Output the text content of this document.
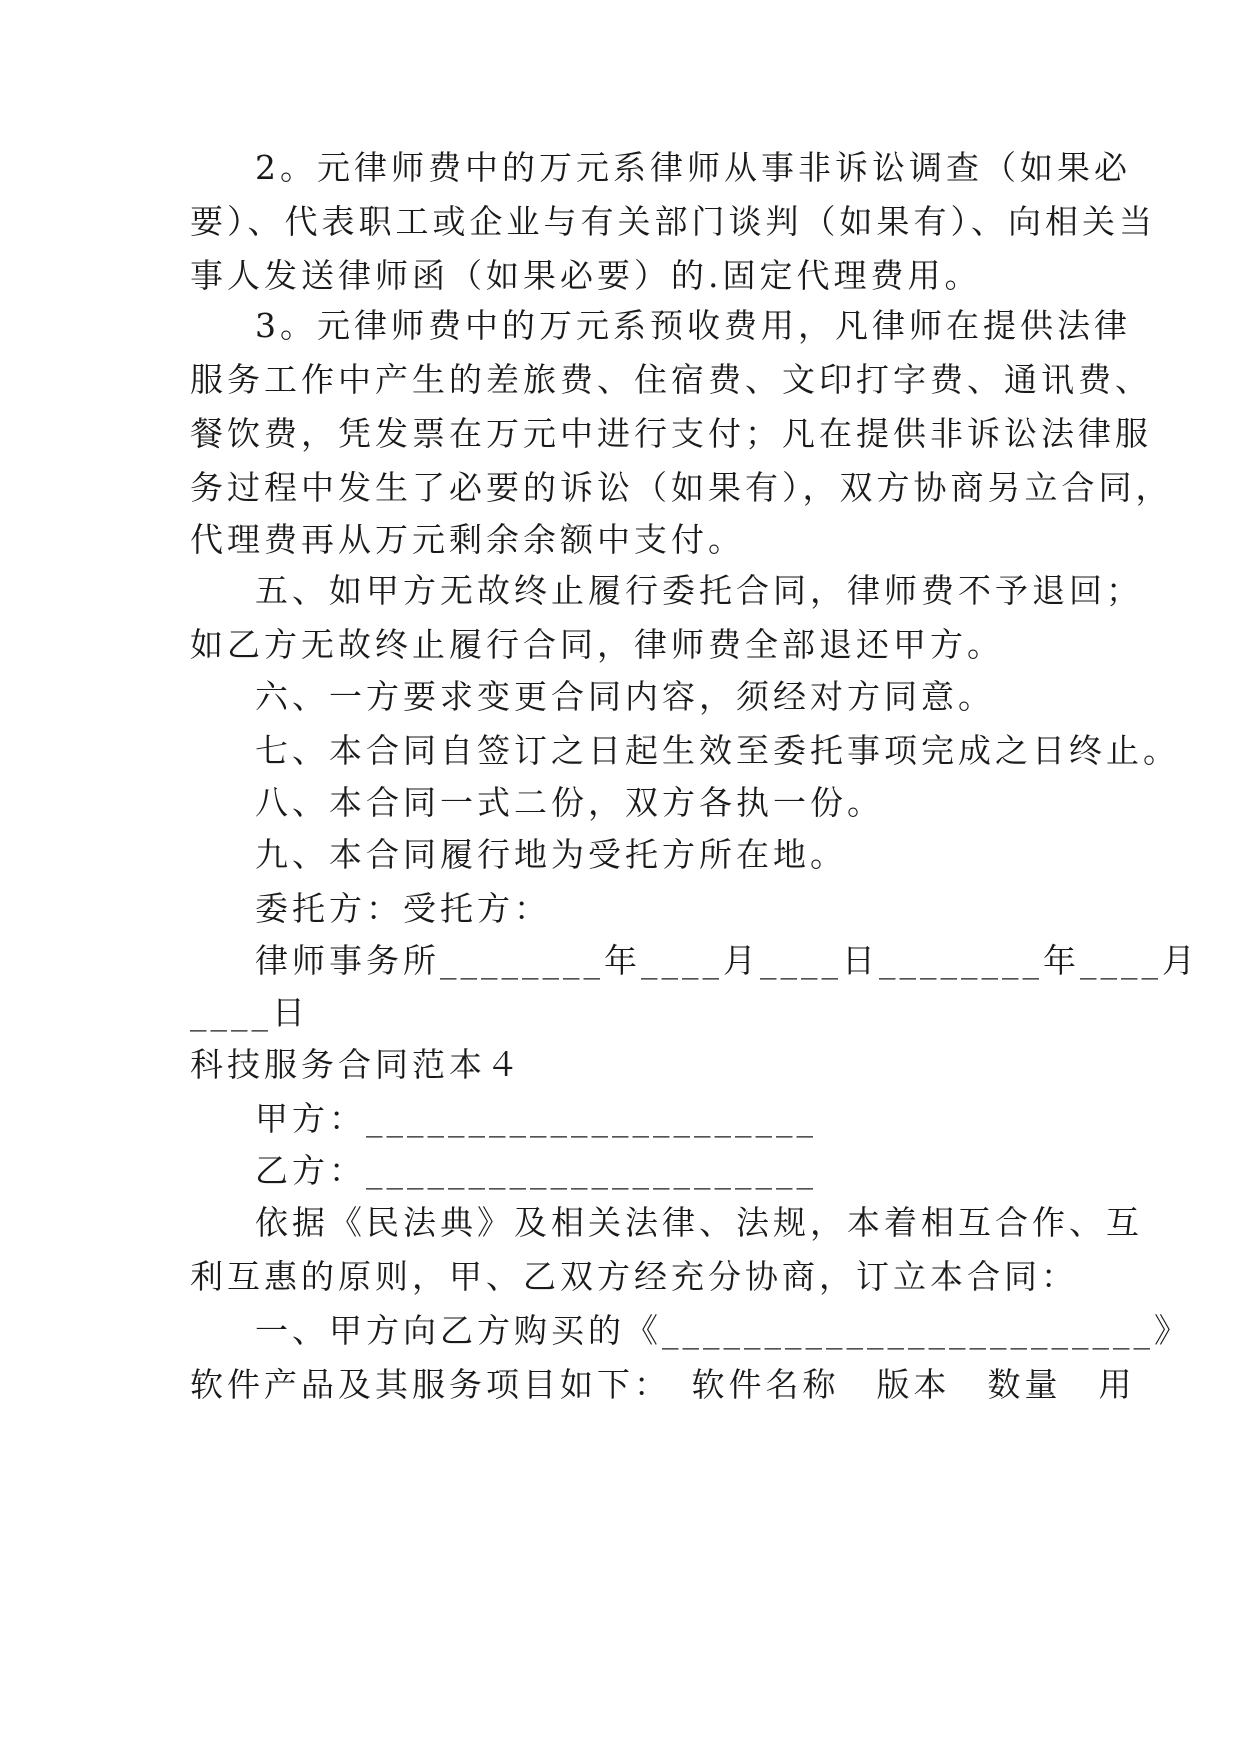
2。元律师费中的万元系律师从事非诉讼调查（如果必
要）、代表职工或企业与有关部门谈判（如果有）、向相关当
事人发送律师函（如果必要）的.固定代理费用。
3。元律师费中的万元系预收费用，凡律师在提供法律
服务工作中产生的差旅费、住宿费、文印打字费、通讯费、
餐饮费，凭发票在万元中进行支付；凡在提供非诉讼法律服
务过程中发生了必要的诉讼（如果有），双方协商另立合同，
代理费再从万元剩余余额中支付。
五、如甲方无故终止履行委托合同，律师费不予退回；
如乙方无故终止履行合同，律师费全部退还甲方。
六、一方要求变更合同内容，须经对方同意。
七、本合同自签订之日起生效至委托事项完成之日终止。
八、本合同一式二份，双方各执一份。
九、本合同履行地为受托方所在地。
委托方：受托方：
律师事务所________年____月____日________年____月
____日
科技服务合同范本４
甲方：______________________
乙方：______________________
依据《民法典》及相关法律、法规，本着相互合作、互
利互惠的原则，甲、乙双方经充分协商，订立本合同：
一、甲方向乙方购买的《________________________》
软件产品及其服务项目如下：　软件名称　版本　数量　用
